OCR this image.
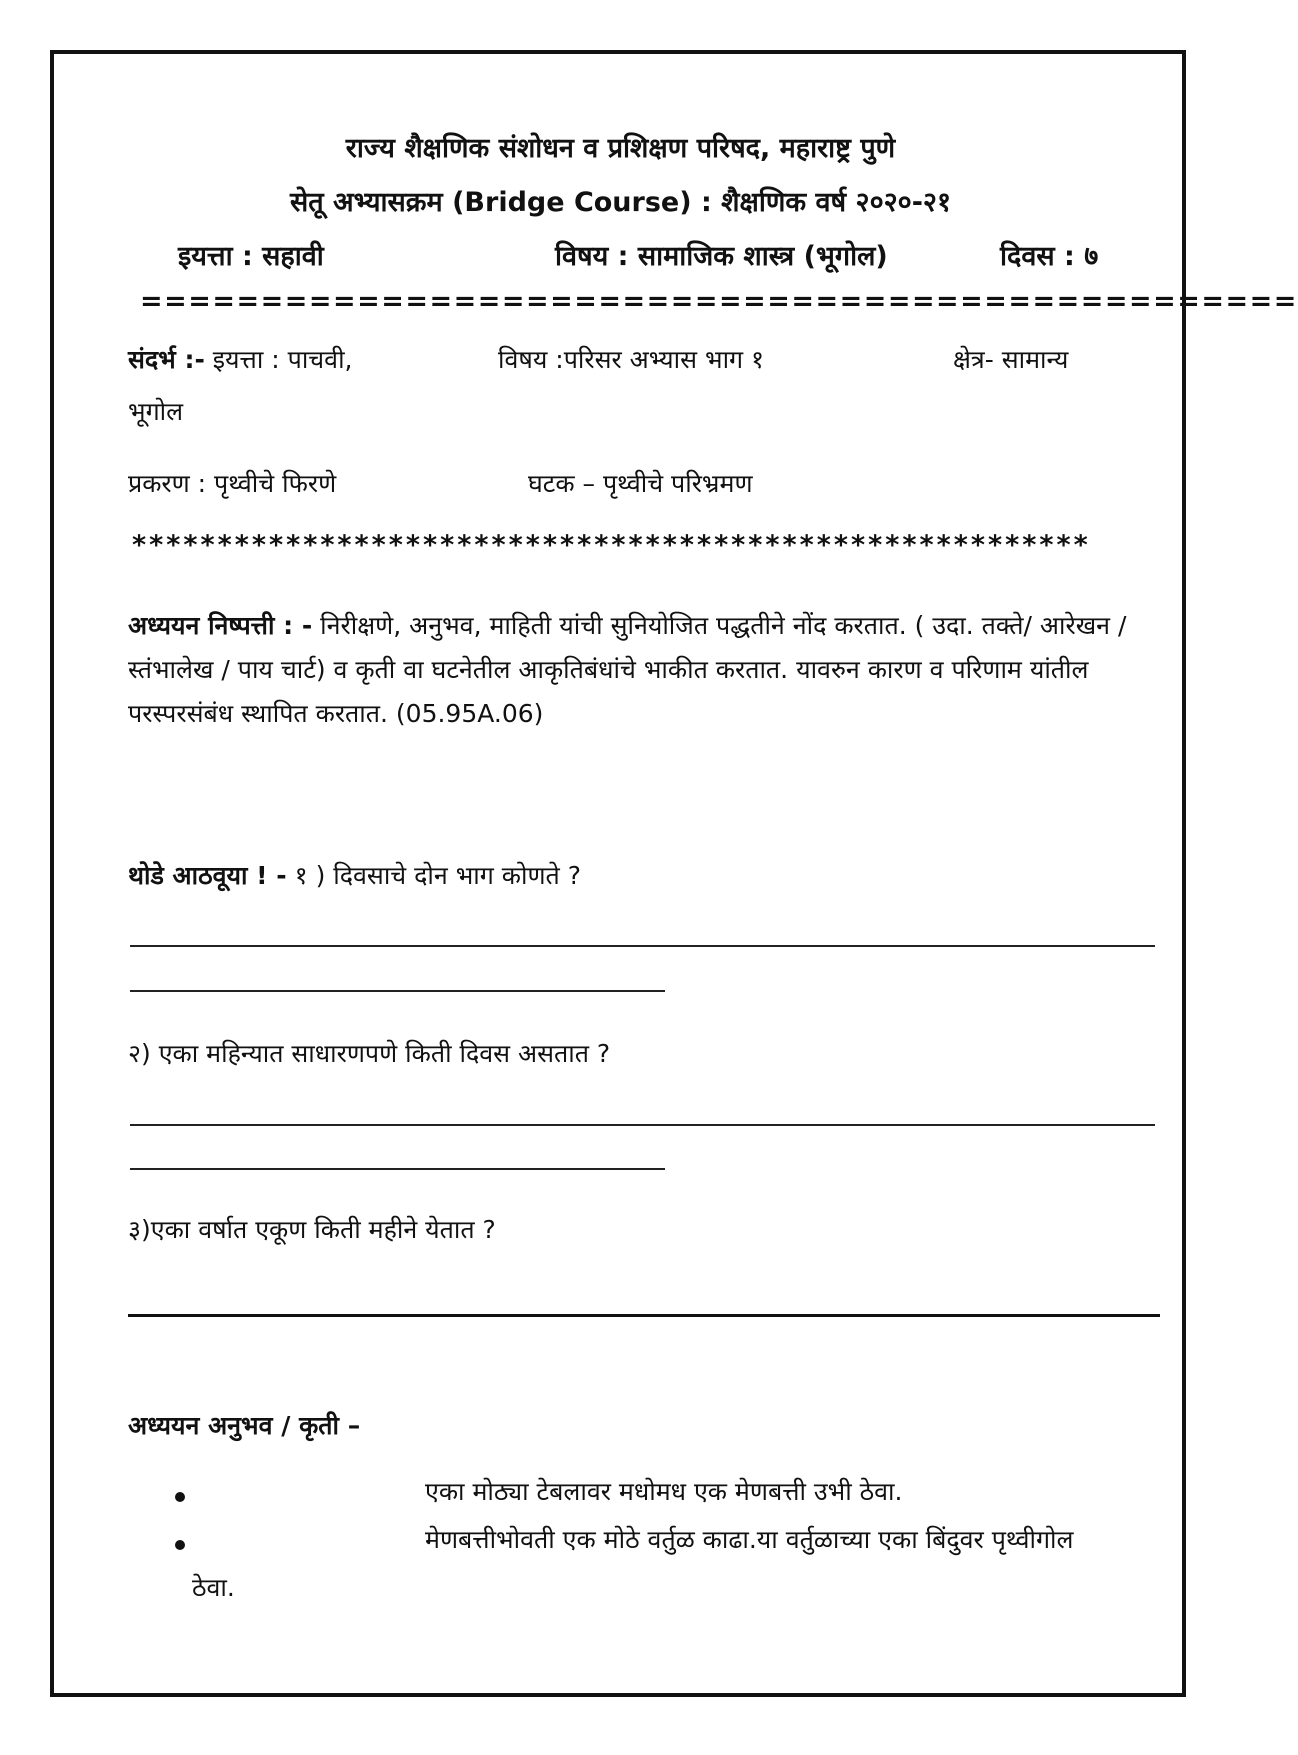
राज्य शैक्षणिक संशोधन व प्रशिक्षण परिषद, महाराष्ट्र पुणे
सेतू अभ्यासक्रम (Bridge Course) : शैक्षणिक वर्ष २०२०-२१
इयत्ता : सहावी	विषय : सामाजिक शास्त्र (भूगोल)	दिवस : ७
================================================
संदर्भ :- इयत्ता : पाचवी,	विषय :परिसर अभ्यास भाग १	क्षेत्र- सामान्य
भूगोल
प्रकरण : पृथ्वीचे फिरणे	घटक – पृथ्वीचे परिभ्रमण
********************************************************
अध्ययन निष्पत्ती : - निरीक्षणे, अनुभव, माहिती यांची सुनियोजित पद्धतीने नोंद करतात. ( उदा. तक्ते/ आरेखन / स्तंभालेख / पाय चार्ट) व कृती वा घटनेतील आकृतिबंधांचे भाकीत करतात. यावरुन कारण व परिणाम यांतील परस्परसंबंध स्थापित करतात. (05.95A.06)
थोडे आठवूया ! - १ ) दिवसाचे दोन भाग कोणते ?
२) एका महिन्यात साधारणपणे किती दिवस असतात ?
३)एका वर्षात एकूण किती महीने येतात ?
अध्ययन अनुभव / कृती –
एका मोठ्या टेबलावर मधोमध एक मेणबत्ती उभी ठेवा.
मेणबत्तीभोवती एक मोठे वर्तुळ काढा.या वर्तुळाच्या एका बिंदुवर पृथ्वीगोल
ठेवा.
